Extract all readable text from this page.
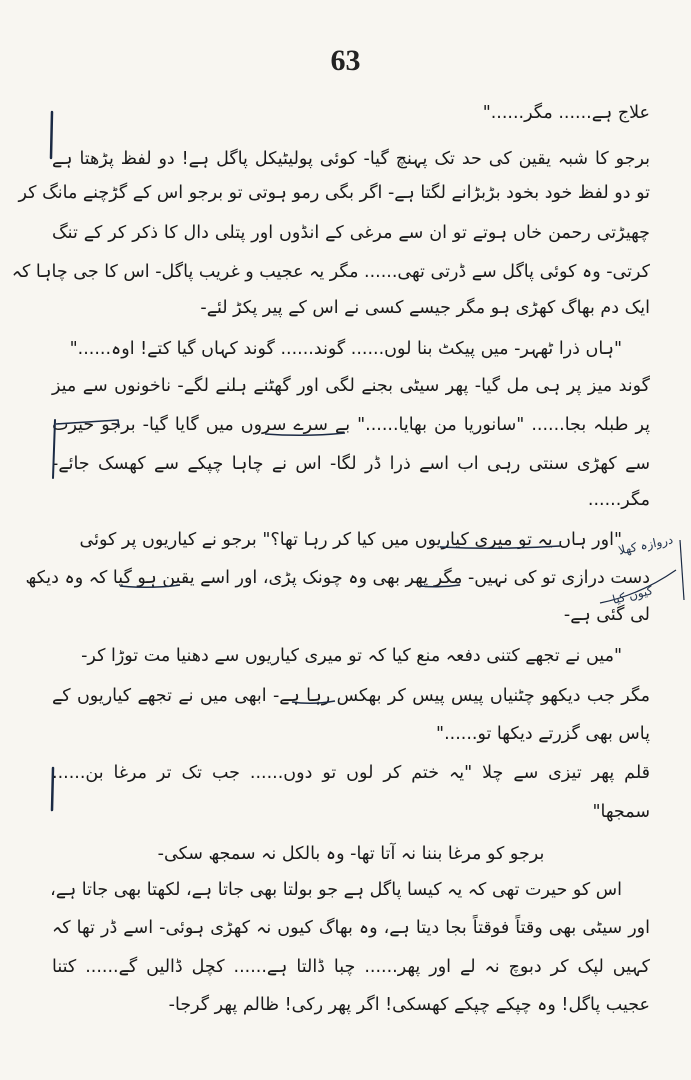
63
علاج ہے...... مگر......"
برجو کا شبہ یقین کی حد تک پہنچ گیا- کوئی پولیٹیکل پاگل ہے! دو لفظ پڑھتا ہے
تو دو لفظ خود بخود بڑبڑانے لگتا ہے- اگر بگی رمو ہوتی تو برجو اس کے گڑچنے مانگ کر
چھیڑتی رحمن خاں ہوتے تو ان سے مرغی کے انڈوں اور پتلی دال کا ذکر کر کے تنگ
کرتی- وہ کوئی پاگل سے ڈرتی تھی...... مگر یہ عجیب و غریب پاگل- اس کا جی چاہا کہ
ایک دم بھاگ کھڑی ہو مگر جیسے کسی نے اس کے پیر پکڑ لئے-
"ہاں ذرا ٹھہر- میں پیکٹ بنا لوں...... گوند...... گوند کہاں گیا کتے! اوہ......"
گوند میز پر ہی مل گیا- پھر سیٹی بجنے لگی اور گھٹنے ہلنے لگے- ناخونوں سے میز
پر طبلہ بجا...... "سانوریا من بھایا......" بے سرے سروں میں گایا گیا- برجو حیرت
سے کھڑی سنتی رہی اب اسے ذرا ڈر لگا- اس نے چاہا چپکے سے کھسک جائے-
مگر......
"اور ہاں یہ تو میری کیاریوں میں کیا کر رہا تھا؟" برجو نے کیاریوں پر کوئی
دست درازی تو کی نہیں- مگر پھر بھی وہ چونک پڑی، اور اسے یقین ہو گیا کہ وہ دیکھ
لی گئی ہے-
"میں نے تجھے کتنی دفعہ منع کیا کہ تو میری کیاریوں سے دھنیا مت توڑا کر-
مگر جب دیکھو چٹنیاں پیس پیس کر بھکس رہا ہے- ابھی میں نے تجھے کیاریوں کے
پاس بھی گزرتے دیکھا تو......"
قلم پھر تیزی سے چلا "یہ ختم کر لوں تو دوں...... جب تک تر مرغا بن......
سمجھا"
برجو کو مرغا بننا نہ آتا تھا- وہ بالکل نہ سمجھ سکی-
اس کو حیرت تھی کہ یہ کیسا پاگل ہے جو بولتا بھی جاتا ہے، لکھتا بھی جاتا ہے،
اور سیٹی بھی وقتاً فوقتاً بجا دیتا ہے، وہ بھاگ کیوں نہ کھڑی ہوئی- اسے ڈر تھا کہ
کہیں لپک کر دبوچ نہ لے اور پھر...... چبا ڈالتا ہے...... کچل ڈالیں گے...... کتنا
عجیب پاگل! وہ چپکے چپکے کھسکی! اگر پھر رکی! ظالم پھر گرجا-
دروازہ کھلا
کیوں کیا
